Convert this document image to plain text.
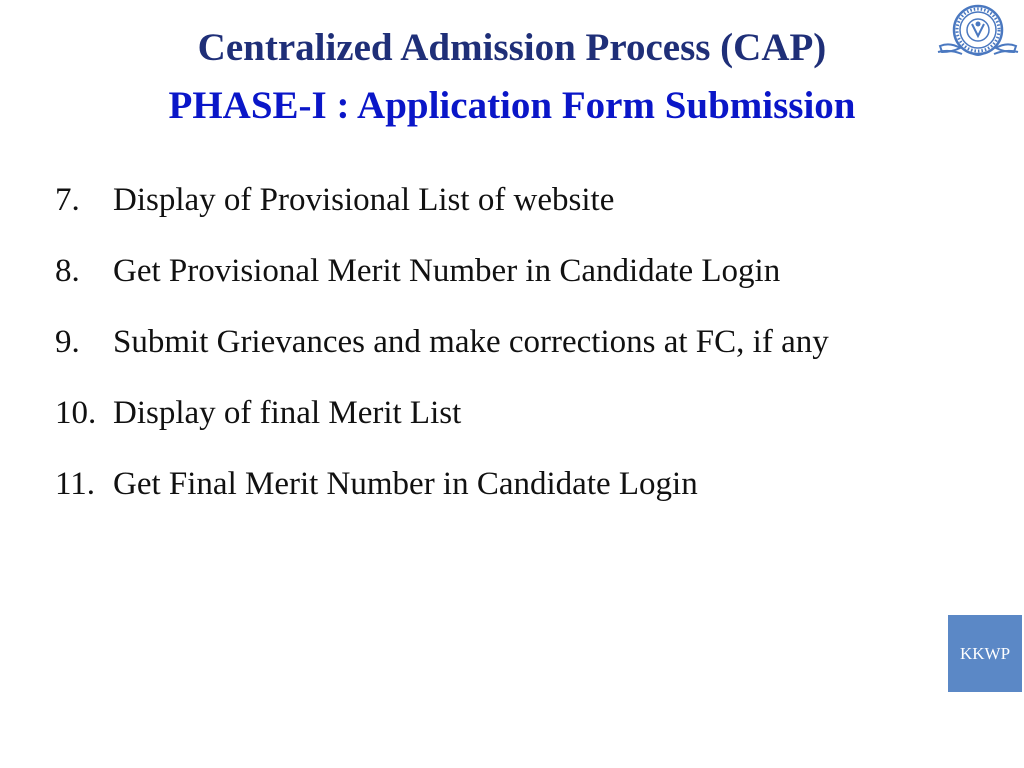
Centralized Admission Process (CAP)
PHASE-I : Application Form Submission
7. Display of Provisional List of website
8. Get Provisional Merit Number in Candidate Login
9. Submit Grievances and make corrections at FC, if any
10. Display of final Merit List
11. Get Final Merit Number in Candidate Login
KKWP
